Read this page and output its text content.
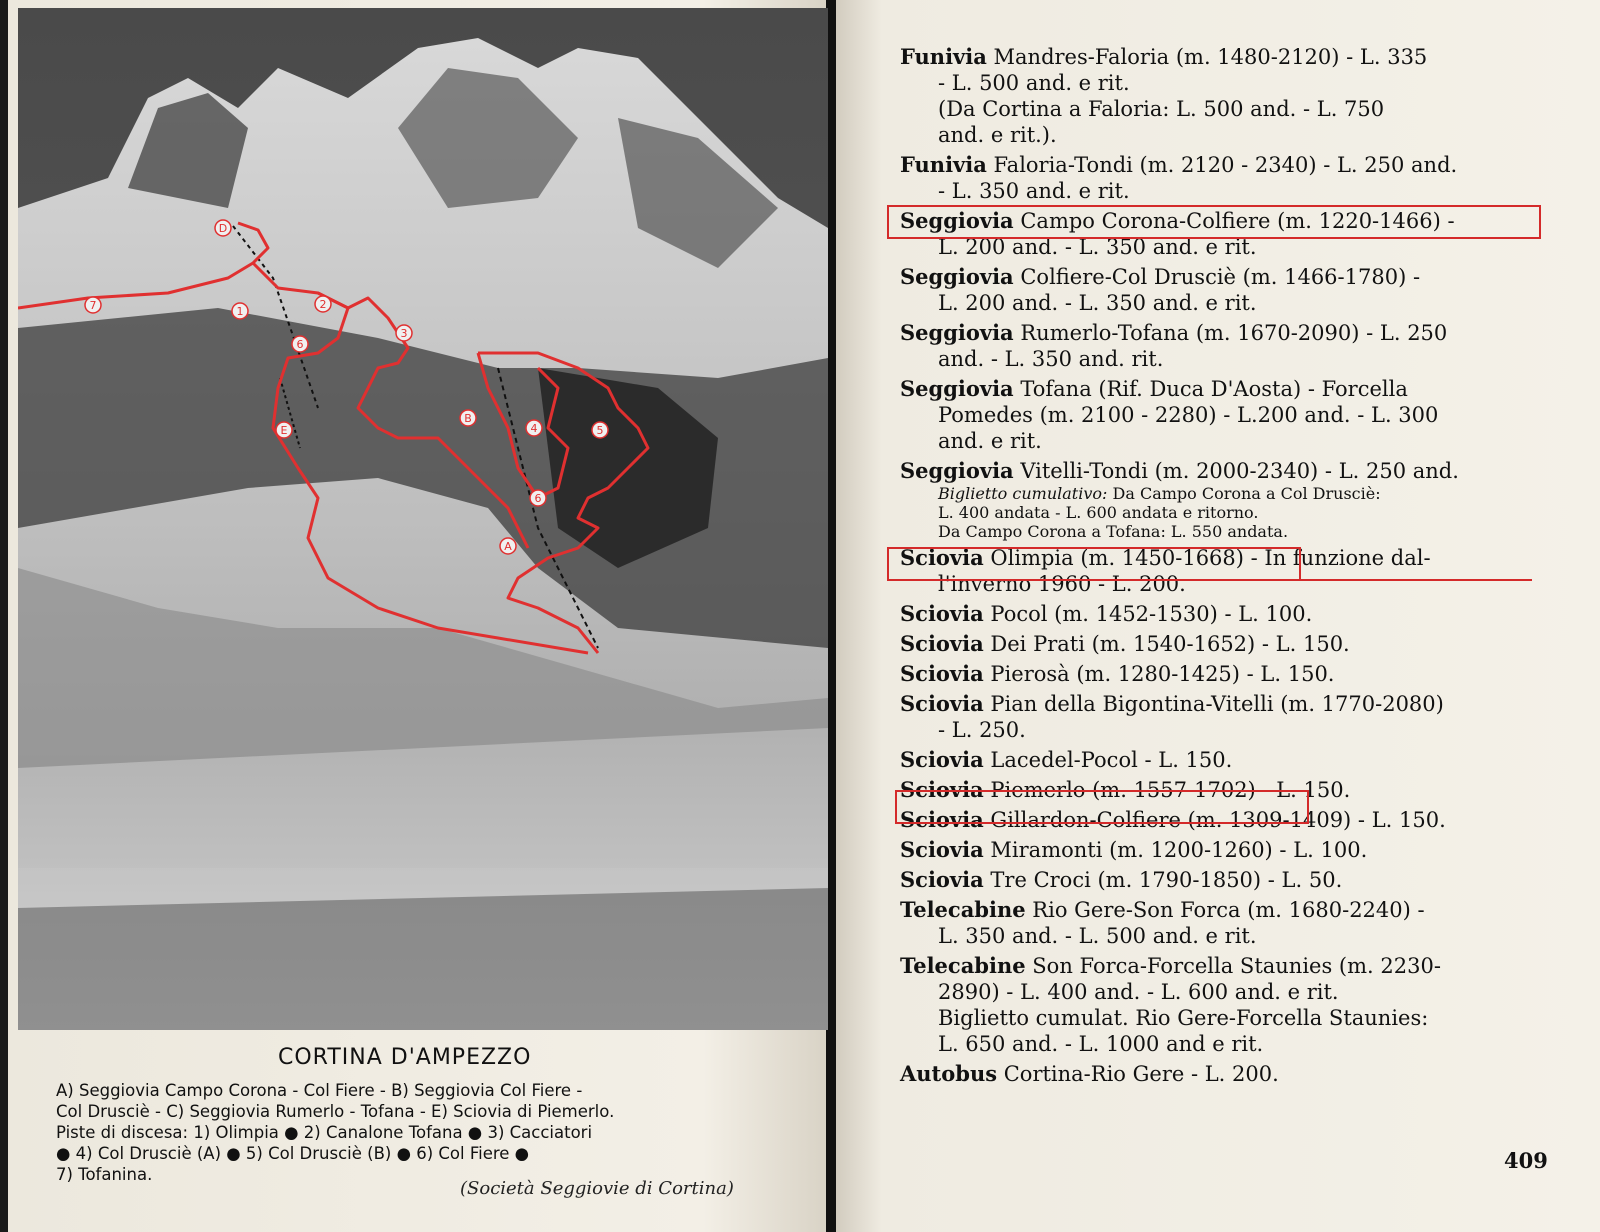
D
7	1
2
3
6
E
B
4	5
6
A
CORTINA D'AMPEZZO
A) Seggiovia Campo Corona - Col Fiere - B) Seggiovia Col Fiere -
Col Drusciè - C) Seggiovia Rumerlo - Tofana - E) Sciovia di Piemerlo.
Piste di discesa: 1) Olimpia ● 2) Canalone Tofana ● 3) Cacciatori
● 4) Col Drusciè (A) ● 5) Col Drusciè (B) ● 6) Col Fiere ●
7) Tofanina.
(Società Seggiovie di Cortina)
Funivia Mandres-Faloria (m. 1480-2120) - L. 335
- L. 500 and. e rit.
(Da Cortina a Faloria: L. 500 and. - L. 750
and. e rit.).
Funivia Faloria-Tondi (m. 2120 - 2340) - L. 250 and.
- L. 350 and. e rit.
Seggiovia Campo Corona-Colfiere (m. 1220-1466) -
L. 200 and. - L. 350 and. e rit.
Seggiovia Colfiere-Col Drusciè (m. 1466-1780) -
L. 200 and. - L. 350 and. e rit.
Seggiovia Rumerlo-Tofana (m. 1670-2090) - L. 250
and. - L. 350 and. rit.
Seggiovia Tofana (Rif. Duca D'Aosta) - Forcella
Pomedes (m. 2100 - 2280) - L.200 and. - L. 300
and. e rit.
Seggiovia Vitelli-Tondi (m. 2000-2340) - L. 250 and.
Biglietto cumulativo: Da Campo Corona a Col Drusciè:
L. 400 andata - L. 600 andata e ritorno.
Da Campo Corona a Tofana: L. 550 andata.
Sciovia Olimpia (m. 1450-1668) - In funzione dal-
l'inverno 1960 - L. 200.
Sciovia Pocol (m. 1452-1530) - L. 100.
Sciovia Dei Prati (m. 1540-1652) - L. 150.
Sciovia Pierosà (m. 1280-1425) - L. 150.
Sciovia Pian della Bigontina-Vitelli (m. 1770-2080)
- L. 250.
Sciovia Lacedel-Pocol - L. 150.
Sciovia Piemerlo (m. 1557-1702) - L. 150.
Sciovia Gillardon-Colfiere (m. 1309-1409) - L. 150.
Sciovia Miramonti (m. 1200-1260) - L. 100.
Sciovia Tre Croci (m. 1790-1850) - L. 50.
Telecabine Rio Gere-Son Forca (m. 1680-2240) -
L. 350 and. - L. 500 and. e rit.
Telecabine Son Forca-Forcella Staunies (m. 2230-
2890) - L. 400 and. - L. 600 and. e rit.
Biglietto cumulat. Rio Gere-Forcella Staunies:
L. 650 and. - L. 1000 and e rit.
Autobus Cortina-Rio Gere - L. 200.
409
